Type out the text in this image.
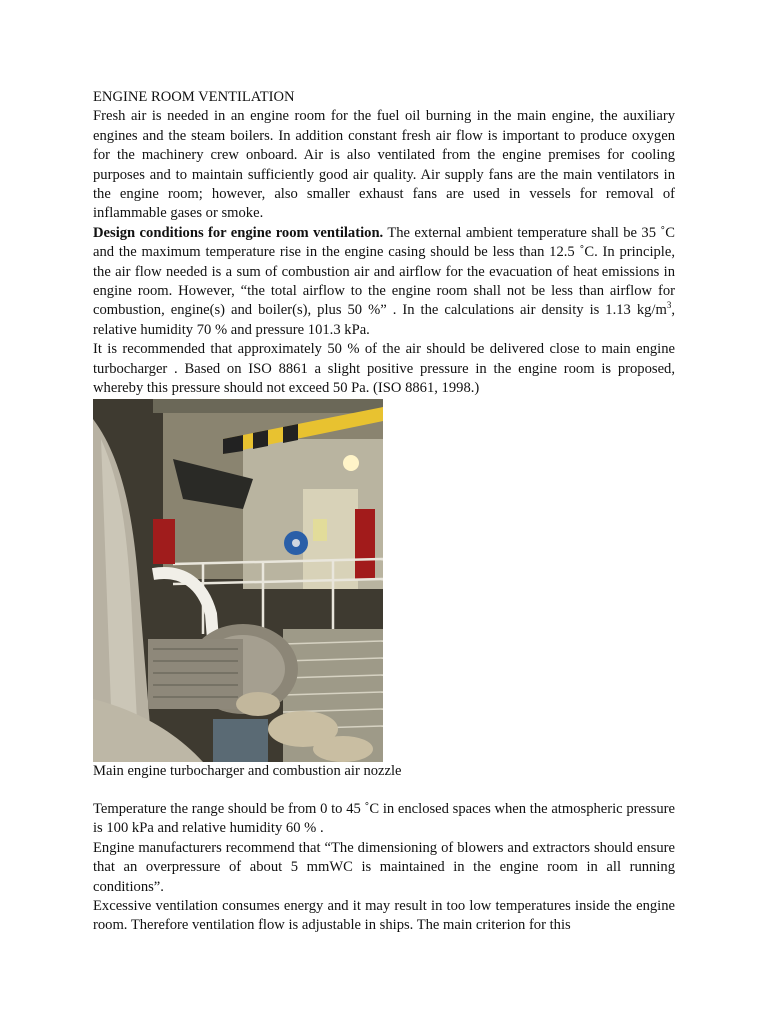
ENGINE ROOM VENTILATION

Fresh air is needed in an engine room for the fuel oil burning in the main engine, the auxiliary engines and the steam boilers. In addition constant fresh air flow is important to produce oxygen for the machinery crew onboard. Air is also ventilated from the engine premises for cooling purposes and to maintain sufficiently good air quality. Air supply fans are the main ventilators in the engine room; however, also smaller exhaust fans are used in vessels for removal of inflammable gases or smoke.

Design conditions for engine room ventilation. The external ambient temperature shall be 35 ˚C and the maximum temperature rise in the engine casing should be less than 12.5 ˚C. In principle, the air flow needed is a sum of combustion air and airflow for the evacuation of heat emissions in engine room. However, “the total airflow to the engine room shall not be less than airflow for combustion, engine(s) and boiler(s), plus 50 %” . In the calculations air density is 1.13 $kg/m^3$, relative humidity 70 % and pressure 101.3 kPa.

It is recommended that approximately 50 % of the air should be delivered close to main engine turbocharger . Based on ISO 8861 a slight positive pressure in the engine room is proposed, whereby this pressure should not exceed 50 Pa. (ISO 8861, 1998.)

Main engine turbocharger and combustion air nozzle

Temperature the range should be from 0 to 45 ˚C in enclosed spaces when the atmospheric pressure is 100 kPa and relative humidity 60 % .

Engine manufacturers recommend that “The dimensioning of blowers and extractors should ensure that an overpressure of about 5 mmWC is maintained in the engine room in all running conditions”.

Excessive ventilation consumes energy and it may result in too low temperatures inside the engine room. Therefore ventilation flow is adjustable in ships. The main criterion for this
